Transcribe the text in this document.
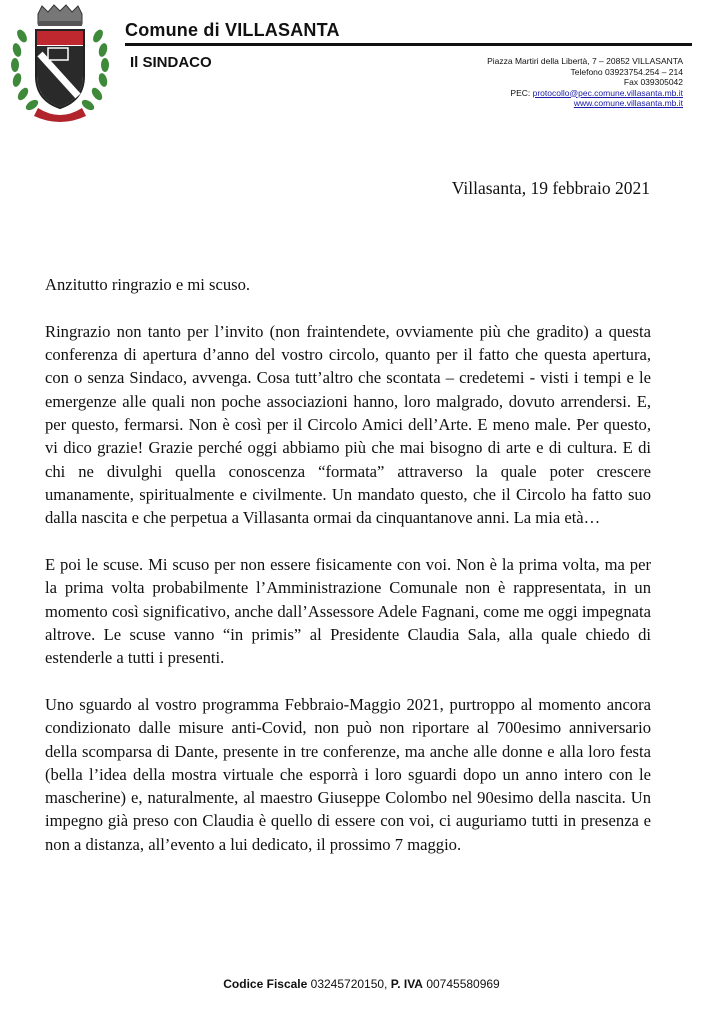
Comune di VILLASANTA
Il SINDACO	Piazza Martiri della Libertà, 7 – 20852 VILLASANTA
Telefono 03923754.254 – 214
Fax 039305042
PEC: protocollo@pec.comune.villasanta.mb.it
www.comune.villasanta.mb.it
Villasanta, 19 febbraio 2021

Anzitutto ringrazio e mi scuso.

Ringrazio non tanto per l’invito (non fraintendete, ovviamente più che gradito) a questa conferenza di apertura d’anno del vostro circolo, quanto per il fatto che questa apertura, con o senza Sindaco, avvenga. Cosa tutt’altro che scontata – credetemi - visti i tempi e le emergenze alle quali non poche associazioni hanno, loro malgrado, dovuto arrendersi. E, per questo, fermarsi. Non è così per il Circolo Amici dell’Arte. E meno male. Per questo, vi dico grazie! Grazie perché oggi abbiamo più che mai bisogno di arte e di cultura. E di chi ne divulghi quella conoscenza “formata” attraverso la quale poter crescere umanamente, spiritualmente e civilmente. Un mandato questo, che il Circolo ha fatto suo dalla nascita e che perpetua a Villasanta ormai da cinquantanove anni. La mia età…

E poi le scuse. Mi scuso per non essere fisicamente con voi. Non è la prima volta, ma per la prima volta probabilmente l’Amministrazione Comunale non è rappresentata, in un momento così significativo, anche dall’Assessore Adele Fagnani, come me oggi impegnata altrove. Le scuse vanno “in primis” al Presidente Claudia Sala, alla quale chiedo di estenderle a tutti i presenti.

Uno sguardo al vostro programma Febbraio-Maggio 2021, purtroppo al momento ancora condizionato dalle misure anti-Covid, non può non riportare al 700esimo anniversario della scomparsa di Dante, presente in tre conferenze, ma anche alle donne e alla loro festa (bella l’idea della mostra virtuale che esporrà i loro sguardi dopo un anno intero con le mascherine) e, naturalmente, al maestro Giuseppe Colombo nel 90esimo della nascita. Un impegno già preso con Claudia è quello di essere con voi, ci auguriamo tutti in presenza e non a distanza, all’evento a lui dedicato, il prossimo 7 maggio.

Codice Fiscale 03245720150, P. IVA 00745580969
